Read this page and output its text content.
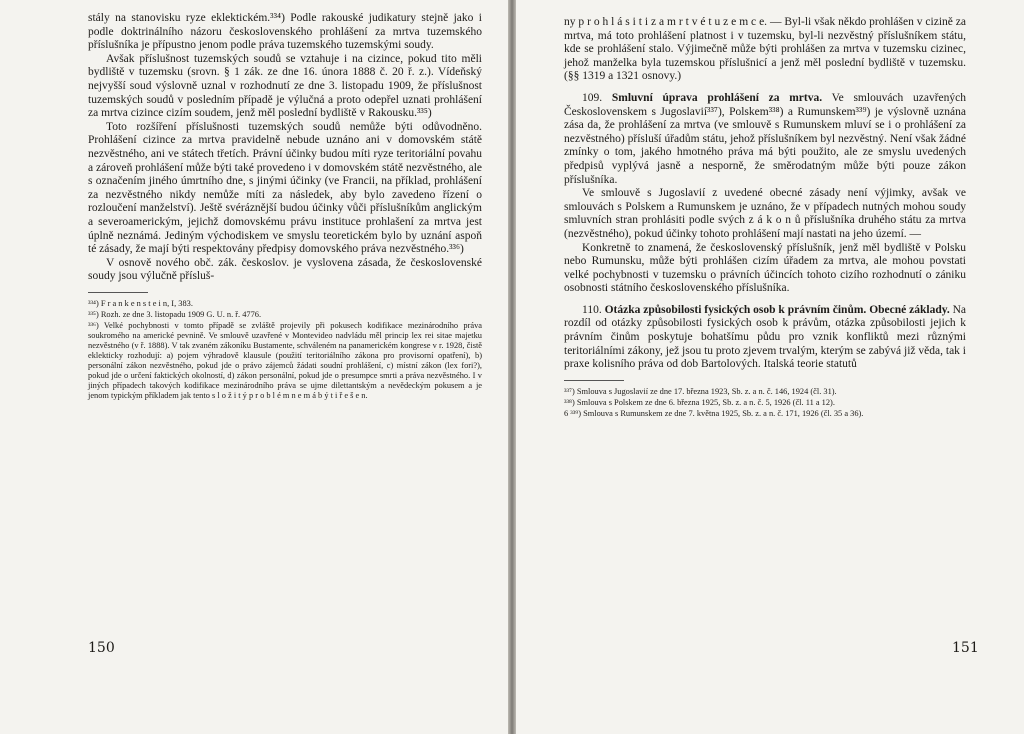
stály na stanovisku ryze eklektickém.³³⁴) Podle rakouské judikatury stejně jako i podle doktrinálního názoru československého prohlášení za mrtva tuzemského příslušníka je přípustno jenom podle práva tuzemského tuzemskými soudy.

Avšak příslušnost tuzemských soudů se vztahuje i na cizince, pokud tito měli bydliště v tuzemsku (srovn. § 1 zák. ze dne 16. února 1888 č. 20 ř. z.). Vídeňský nejvyšší soud výslovně uznal v rozhodnutí ze dne 3. listopadu 1909, že příslušnost tuzemských soudů v posledním případě je výlučná a proto odepřel uznati prohlášení za mrtva cizince cizím soudem, jenž měl poslední bydliště v Rakousku.³³⁵)

Toto rozšíření příslušnosti tuzemských soudů nemůže býti odůvodněno. Prohlášení cizince za mrtva pravidelně nebude uznáno ani v domovském státě nezvěstného, ani ve státech třetích. Právní účinky budou míti ryze teritoriální povahu a zároveň prohlášení může býti také provedeno i v domovském státě nezvěstného, ale s označením jiného úmrtního dne, s jinými účinky (ve Francii, na příklad, prohlášení za nezvěstného nikdy nemůže míti za následek, aby bylo zavedeno řízení o rozloučení manželství). Ještě svéráznější budou účinky vůči příslušníkům anglickým a severoamerickým, jejichž domovskému právu instituce prohlašení za mrtva jest úplně neznámá. Jediným východiskem ve smyslu teoretickém bylo by uznání aspoň té zásady, že mají býti respektovány předpisy domovského práva nezvěstného.³³⁶)

V osnově nového obč. zák. českoslov. je vyslovena zásada, že československé soudy jsou výlučně přísluš-

³³⁴) F r a n k e n s t e i n, I, 383.

³³⁵) Rozh. ze dne 3. listopadu 1909 G. U. n. ř. 4776.

³³⁶) Velké pochybnosti v tomto případě se zvláště projevily při pokusech kodifikace mezinárodního práva soukromého na americké pevnině. Ve smlouvě uzavřené v Montevideo nadvládu měl princip lex rei sitae majetku nezvěstného (v ř. 1888). V tak zvaném zákoníku Bustamente, schváleném na panamerickém kongrese v r. 1928, čistě eklekticky rozhodují: a) pojem výhradově klausule (použití teritoriálního zákona pro provisorní opatření), b) personální zákon nezvěstného, pokud jde o právo zájemců žádati soudní prohlášení, c) místní zákon (lex fori?), pokud jde o určení faktických okolností, d) zákon personální, pokud jde o presumpce smrti a práva nezvěstného. I v jiných případech takových kodifikace mezinárodního práva se ujme dilettantským a nevědeckým pokusem a je jenom typickým příkladem jak tento s l o ž i t ý p r o b l é m n e m á b ý t i ř e š e n.

150

ny p r o h l á s i t i z a m r t v é t u z e m c e. — Byl-li však někdo prohlášen v cizině za mrtva, má toto prohlášení platnost i v tuzemsku, byl-li nezvěstný příslušníkem státu, kde se prohlášení stalo. Výjimečně může býti prohlášen za mrtva v tuzemsku cizinec, jehož manželka byla tuzemskou příslušnicí a jenž měl poslední bydliště v tuzemsku. (§§ 1319 a 1321 osnovy.)

109. Smluvní úprava prohlášení za mrtva. Ve smlouvách uzavřených Československem s Jugoslavií³³⁷), Polskem³³⁸) a Rumunskem³³⁹) je výslovně uznána zása da, že prohlášení za mrtva (ve smlouvě s Rumunskem mluví se i o prohlášení za nezvěstného) přísluší úřadům státu, jehož příslušníkem byl nezvěstný. Není však žádné zmínky o tom, jakého hmotného práva má býti použito, ale ze smyslu uvedených předpisů vyplývá jasně a nesporně, že směrodatným může býti pouze zákon příslušníka.

Ve smlouvě s Jugoslavií z uvedené obecné zásady není výjimky, avšak ve smlouvách s Polskem a Rumunskem je uznáno, že v případech nutných mohou soudy smluvních stran prohlásiti podle svých z á k o n ů příslušníka druhého státu za mrtva (nezvěstného), pokud účinky tohoto prohlášení mají nastati na jeho území. —

Konkretně to znamená, že československý příslušník, jenž měl bydliště v Polsku nebo Rumunsku, může býti prohlášen cizím úřadem za mrtva, ale mohou povstati velké pochybnosti v tuzemsku o právních účincích tohoto cizího rozhodnutí o zániku osobnosti státního československého příslušníka.

110. Otázka způsobilosti fysických osob k právním činům. Obecné základy. Na rozdíl od otázky způsobilosti fysických osob k právům, otázka způsobilosti jejich k právním činům poskytuje bohatšímu půdu pro vznik konfliktů mezi různými teritoriálními zákony, jež jsou tu proto zjevem trvalým, kterým se zabývá již věda, tak i praxe kolisního práva od dob Bartolových. Italská teorie statutů

³³⁷) Smlouva s Jugoslavií ze dne 17. března 1923, Sb. z. a n. č. 146, 1924 (čl. 31).

³³⁸) Smlouva s Polskem ze dne 6. března 1925, Sb. z. a n. č. 5, 1926 (čl. 11 a 12).

6 ³³⁹) Smlouva s Rumunskem ze dne 7. května 1925, Sb. z. a n. č. 171, 1926 (čl. 35 a 36).

151
